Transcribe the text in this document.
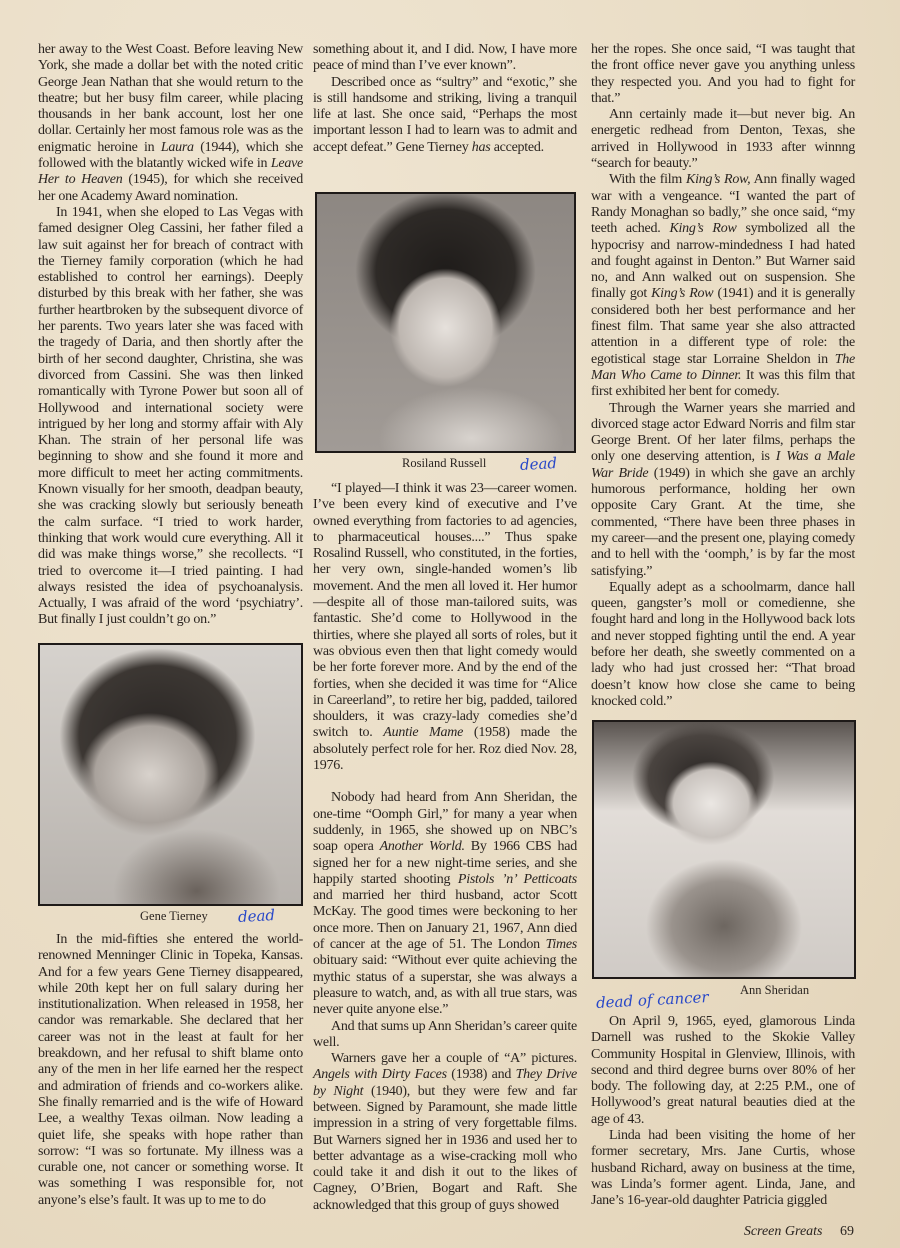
her away to the West Coast. Before leaving New York, she made a dollar bet with the noted critic George Jean Nathan that she would return to the theatre; but her busy film career, while placing thousands in her bank account, lost her one dollar. Certainly her most famous role was as the enigmatic heroine in Laura (1944), which she followed with the blatantly wicked wife in Leave Her to Heaven (1945), for which she received her one Academy Award nomination.

In 1941, when she eloped to Las Vegas with famed designer Oleg Cassini, her father filed a law suit against her for breach of contract with the Tierney family corporation (which he had established to control her earnings). Deeply disturbed by this break with her father, she was further heartbroken by the subsequent divorce of her parents. Two years later she was faced with the tragedy of Daria, and then shortly after the birth of her second daughter, Christina, she was divorced from Cassini. She was then linked romantically with Tyrone Power but soon all of Hollywood and international society were intrigued by her long and stormy affair with Aly Khan. The strain of her personal life was beginning to show and she found it more and more difficult to meet her acting commitments. Known visually for her smooth, deadpan beauty, she was cracking slowly but seriously beneath the calm surface. “I tried to work harder, thinking that work would cure everything. All it did was make things worse,” she recollects. “I tried to overcome it—I tried painting. I had always resisted the idea of psychoanalysis. Actually, I was afraid of the word ‘psychiatry’. But finally I just couldn’t go on.”

Gene Tierney dead

In the mid-fifties she entered the world-renowned Menninger Clinic in Topeka, Kansas. And for a few years Gene Tierney disappeared, while 20th kept her on full salary during her institutionalization. When released in 1958, her candor was remarkable. She declared that her career was not in the least at fault for her breakdown, and her refusal to shift blame onto any of the men in her life earned her the respect and admiration of friends and co-workers alike. She finally remarried and is the wife of Howard Lee, a wealthy Texas oilman. Now leading a quiet life, she speaks with hope rather than sorrow: “I was so fortunate. My illness was a curable one, not cancer or something worse. It was something I was responsible for, not anyone’s else’s fault. It was up to me to do

something about it, and I did. Now, I have more peace of mind than I’ve ever known”.

Described once as “sultry” and “exotic,” she is still handsome and striking, living a tranquil life at last. She once said, “Perhaps the most important lesson I had to learn was to admit and accept defeat.” Gene Tierney has accepted.

Rosiland Russell dead

“I played—I think it was 23—career women. I’ve been every kind of executive and I’ve owned everything from factories to ad agencies, to pharmaceutical houses....” Thus spake Rosalind Russell, who constituted, in the forties, her very own, single-handed women’s lib movement. And the men all loved it. Her humor—despite all of those man-tailored suits, was fantastic. She’d come to Hollywood in the thirties, where she played all sorts of roles, but it was obvious even then that light comedy would be her forte forever more. And by the end of the forties, when she decided it was time for “Alice in Careerland”, to retire her big, padded, tailored shoulders, it was crazy-lady comedies she’d switch to. Auntie Mame (1958) made the absolutely perfect role for her. Roz died Nov. 28, 1976.

Nobody had heard from Ann Sheridan, the one-time “Oomph Girl,” for many a year when suddenly, in 1965, she showed up on NBC’s soap opera Another World. By 1966 CBS had signed her for a new night-time series, and she happily started shooting Pistols ’n’ Petticoats and married her third husband, actor Scott McKay. The good times were beckoning to her once more. Then on January 21, 1967, Ann died of cancer at the age of 51. The London Times obituary said: “Without ever quite achieving the mythic status of a superstar, she was always a pleasure to watch, and, as with all true stars, was never quite anyone else.”

And that sums up Ann Sheridan’s career quite well.

Warners gave her a couple of “A” pictures. Angels with Dirty Faces (1938) and They Drive by Night (1940), but they were few and far between. Signed by Paramount, she made little impression in a string of very forgettable films. But Warners signed her in 1936 and used her to better advantage as a wise-cracking moll who could take it and dish it out to the likes of Cagney, O’Brien, Bogart and Raft. She acknowledged that this group of guys showed

her the ropes. She once said, “I was taught that the front office never gave you anything unless they respected you. And you had to fight for that.”

Ann certainly made it—but never big. An energetic redhead from Denton, Texas, she arrived in Hollywood in 1933 after winnng “search for beauty.”

With the film King’s Row, Ann finally waged war with a vengeance. “I wanted the part of Randy Monaghan so badly,” she once said, “my teeth ached. King’s Row symbolized all the hypocrisy and narrow-mindedness I had hated and fought against in Denton.” But Warner said no, and Ann walked out on suspension. She finally got King’s Row (1941) and it is generally considered both her best performance and her finest film. That same year she also attracted attention in a different type of role: the egotistical stage star Lorraine Sheldon in The Man Who Came to Dinner. It was this film that first exhibited her bent for comedy.

Through the Warner years she married and divorced stage actor Edward Norris and film star George Brent. Of her later films, perhaps the only one deserving attention, is I Was a Male War Bride (1949) in which she gave an archly humorous performance, holding her own opposite Cary Grant. At the time, she commented, “There have been three phases in my career—and the present one, playing comedy and to hell with the ‘oomph,’ is by far the most satisfying.”

Equally adept as a schoolmarm, dance hall queen, gangster’s moll or comedienne, she fought hard and long in the Hollywood back lots and never stopped fighting until the end. A year before her death, she sweetly commented on a lady who had just crossed her: “That broad doesn’t know how close she came to being knocked cold.”

Ann Sheridan
dead of cancer

On April 9, 1965, eyed, glamorous Linda Darnell was rushed to the Skokie Valley Community Hospital in Glenview, Illinois, with second and third degree burns over 80% of her body. The following day, at 2:25 P.M., one of Hollywood’s great natural beauties died at the age of 43.

Linda had been visiting the home of her former secretary, Mrs. Jane Curtis, whose husband Richard, away on business at the time, was Linda’s former agent. Linda, Jane, and Jane’s 16-year-old daughter Patricia giggled

Screen Greats 69
